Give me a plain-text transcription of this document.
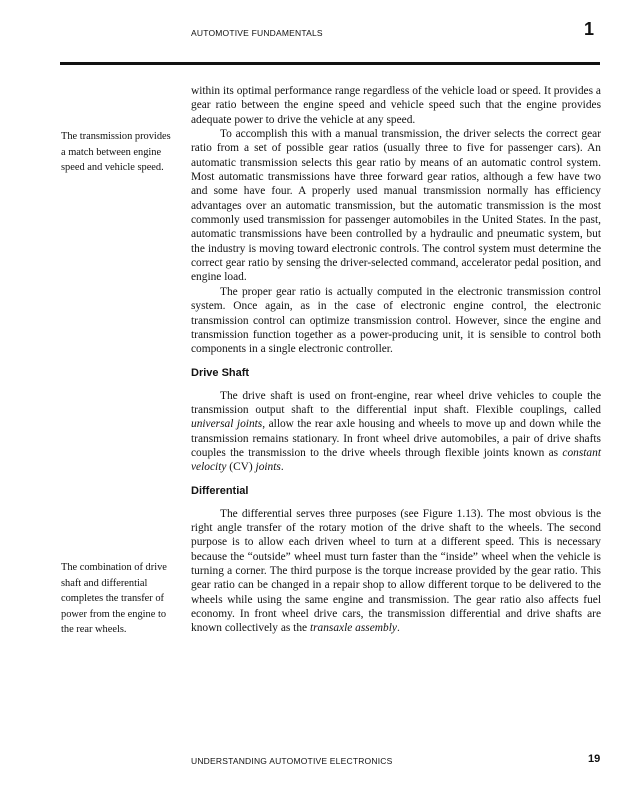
AUTOMOTIVE FUNDAMENTALS	1
The transmission provides a match between engine speed and vehicle speed.
The combination of drive shaft and differential completes the transfer of power from the engine to the rear wheels.

within its optimal performance range regardless of the vehicle load or speed. It provides a gear ratio between the engine speed and vehicle speed such that the engine provides adequate power to drive the vehicle at any speed.

To accomplish this with a manual transmission, the driver selects the correct gear ratio from a set of possible gear ratios (usually three to five for passenger cars). An automatic transmission selects this gear ratio by means of an automatic control system. Most automatic transmissions have three forward gear ratios, although a few have two and some have four. A properly used manual transmission normally has efficiency advantages over an automatic transmission, but the automatic transmission is the most commonly used transmission for passenger automobiles in the United States. In the past, automatic transmissions have been controlled by a hydraulic and pneumatic system, but the industry is moving toward electronic controls. The control system must determine the correct gear ratio by sensing the driver-selected command, accelerator pedal position, and engine load.

The proper gear ratio is actually computed in the electronic transmission control system. Once again, as in the case of electronic engine control, the electronic transmission control can optimize transmission control. However, since the engine and transmission function together as a power-producing unit, it is sensible to control both components in a single electronic controller.

Drive Shaft

The drive shaft is used on front-engine, rear wheel drive vehicles to couple the transmission output shaft to the differential input shaft. Flexible couplings, called universal joints, allow the rear axle housing and wheels to move up and down while the transmission remains stationary. In front wheel drive automobiles, a pair of drive shafts couples the transmission to the drive wheels through flexible joints known as constant velocity (CV) joints.

Differential

The differential serves three purposes (see Figure 1.13). The most obvious is the right angle transfer of the rotary motion of the drive shaft to the wheels. The second purpose is to allow each driven wheel to turn at a different speed. This is necessary because the “outside” wheel must turn faster than the “inside” wheel when the vehicle is turning a corner. The third purpose is the torque increase provided by the gear ratio. This gear ratio can be changed in a repair shop to allow different torque to be delivered to the wheels while using the same engine and transmission. The gear ratio also affects fuel economy. In front wheel drive cars, the transmission differential and drive shafts are known collectively as the transaxle assembly.

UNDERSTANDING AUTOMOTIVE ELECTRONICS	19
